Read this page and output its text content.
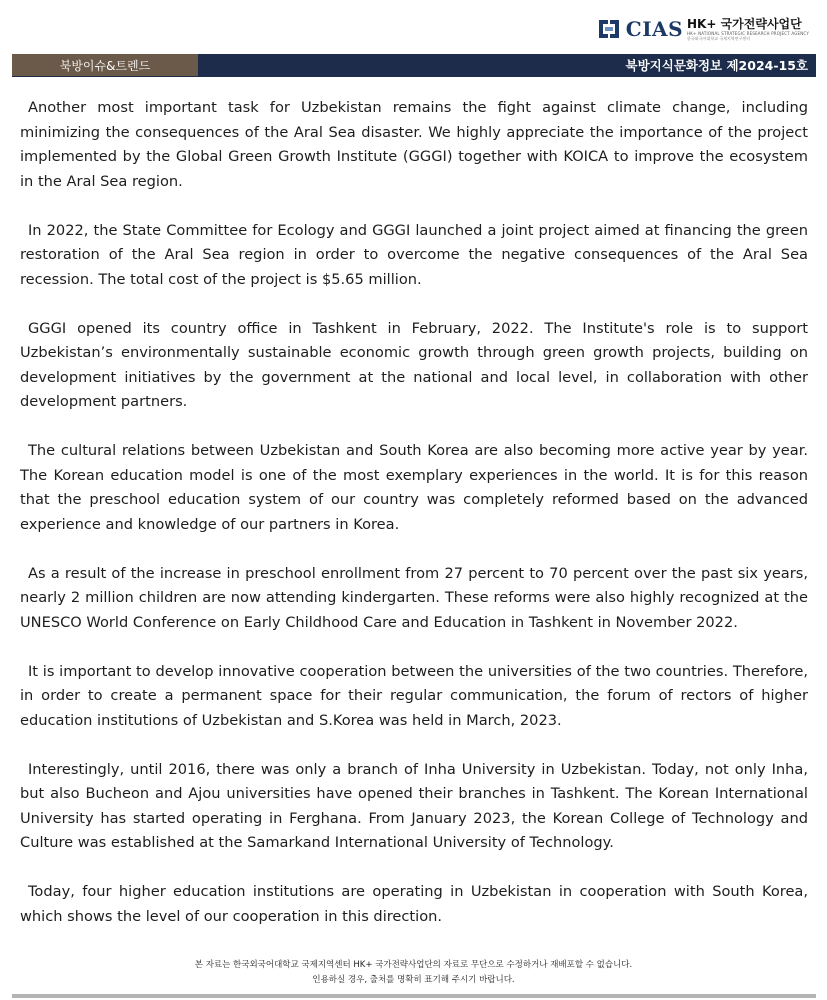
CIAS HK+ 국가전략사업단
HK+ NATIONAL STRATEGIC RESEARCH PROJECT AGENCY
한국외국어대학교 국제지역연구센터
북방이슈&트렌드	북방지식문화정보 제2024-15호

Another most important task for Uzbekistan remains the fight against climate change, including minimizing the consequences of the Aral Sea disaster. We highly appreciate the importance of the project implemented by the Global Green Growth Institute (GGGI) together with KOICA to improve the ecosystem in the Aral Sea region.

In 2022, the State Committee for Ecology and GGGI launched a joint project aimed at financing the green restoration of the Aral Sea region in order to overcome the negative consequences of the Aral Sea recession. The total cost of the project is $5.65 million.

GGGI opened its country office in Tashkent in February, 2022. The Institute's role is to support Uzbekistan’s environmentally sustainable economic growth through green growth projects, building on development initiatives by the government at the national and local level, in collaboration with other development partners.

The cultural relations between Uzbekistan and South Korea are also becoming more active year by year. The Korean education model is one of the most exemplary experiences in the world. It is for this reason that the preschool education system of our country was completely reformed based on the advanced experience and knowledge of our partners in Korea.

As a result of the increase in preschool enrollment from 27 percent to 70 percent over the past six years, nearly 2 million children are now attending kindergarten. These reforms were also highly recognized at the UNESCO World Conference on Early Childhood Care and Education in Tashkent in November 2022.

It is important to develop innovative cooperation between the universities of the two countries. Therefore, in order to create a permanent space for their regular communication, the forum of rectors of higher education institutions of Uzbekistan and S.Korea was held in March, 2023.

Interestingly, until 2016, there was only a branch of Inha University in Uzbekistan. Today, not only Inha, but also Bucheon and Ajou universities have opened their branches in Tashkent. The Korean International University has started operating in Ferghana. From January 2023, the Korean College of Technology and Culture was established at the Samarkand International University of Technology.

Today, four higher education institutions are operating in Uzbekistan in cooperation with South Korea, which shows the level of our cooperation in this direction.

본 자료는 한국외국어대학교 국제지역센터 HK+ 국가전략사업단의 자료로 무단으로 수정하거나 재배포할 수 없습니다.
인용하실 경우, 출처를 명확히 표기해 주시기 바랍니다.
